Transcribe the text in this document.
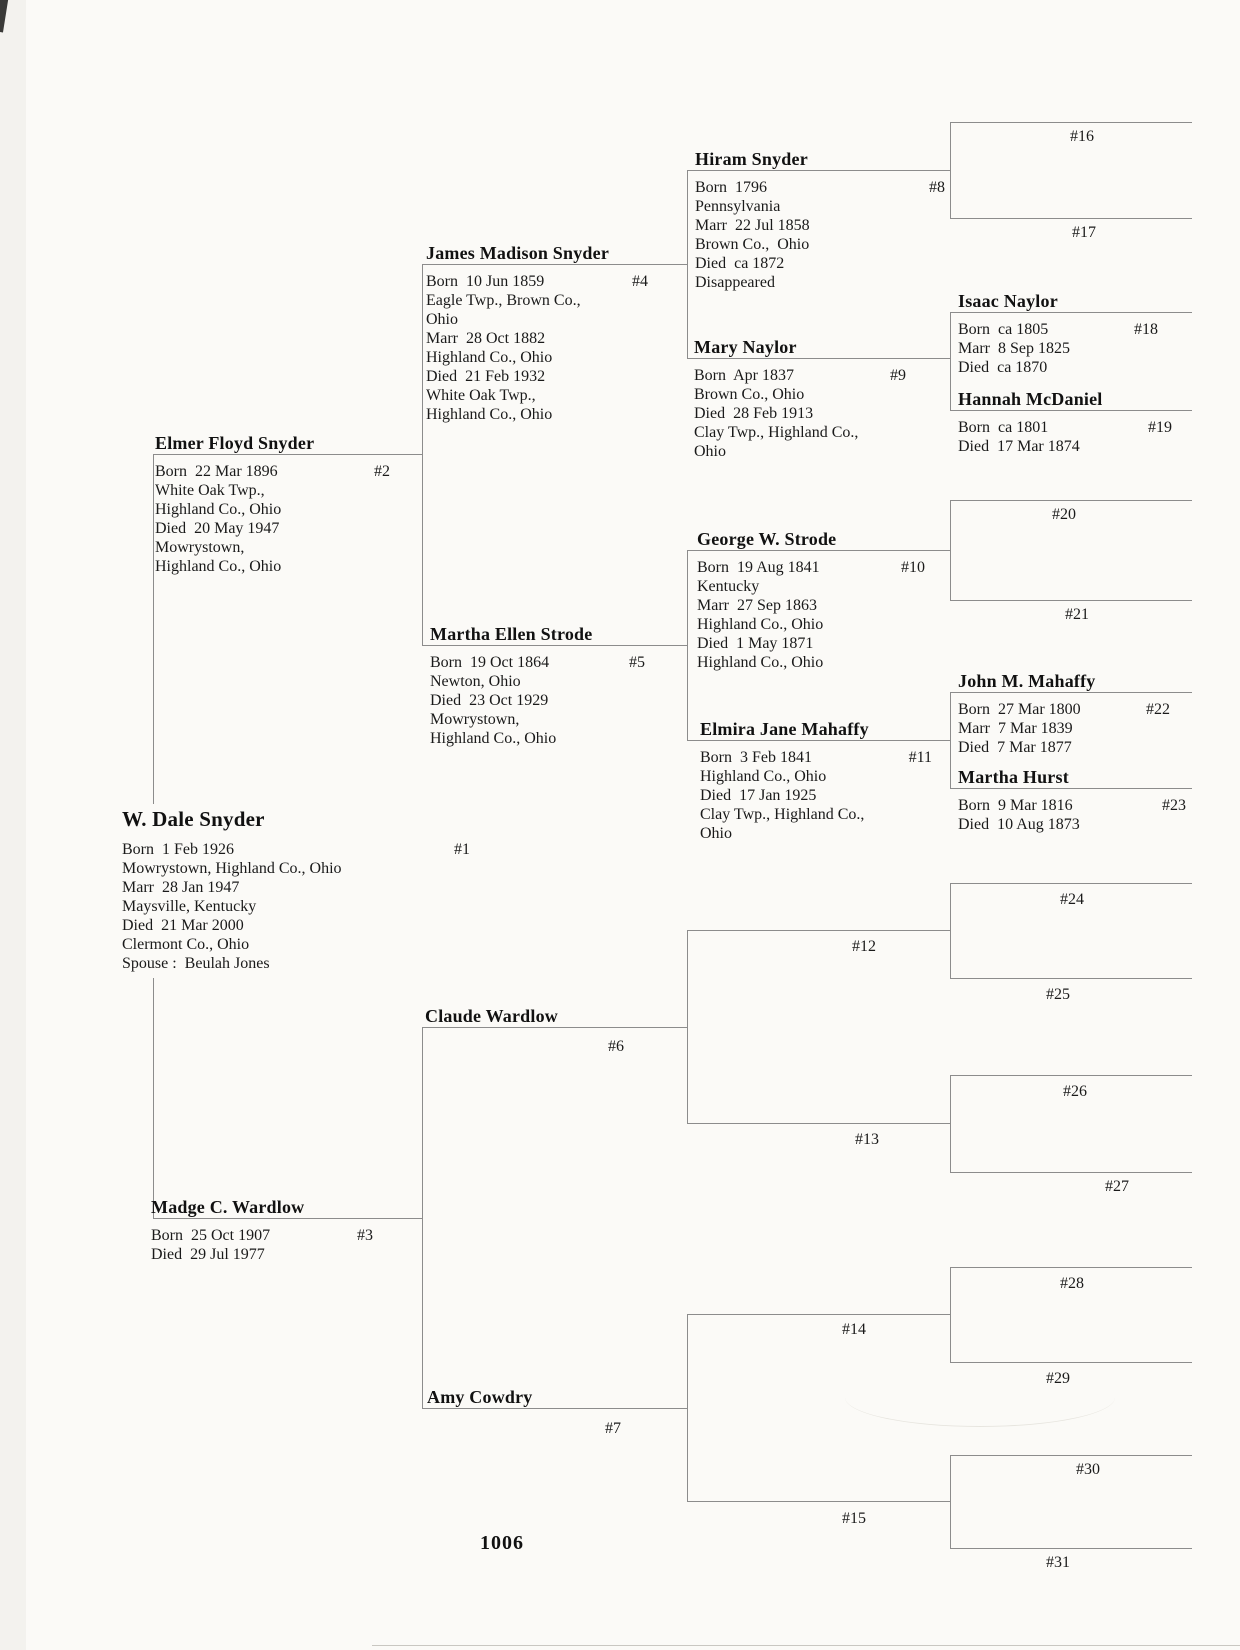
W. Dale Snyder
Born  1 Feb 1926	#1
Mowrystown, Highland Co., Ohio
Marr  28 Jan 1947
Maysville, Kentucky
Died  21 Mar 2000
Clermont Co., Ohio
Spouse :  Beulah Jones
Elmer Floyd Snyder
Born  22 Mar 1896	#2
White Oak Twp.,
Highland Co., Ohio
Died  20 May 1947
Mowrystown,
Highland Co., Ohio
Madge C. Wardlow
Born  25 Oct 1907	#3
Died  29 Jul 1977
James Madison Snyder
Born  10 Jun 1859	#4
Eagle Twp., Brown Co.,
Ohio
Marr  28 Oct 1882
Highland Co., Ohio
Died  21 Feb 1932
White Oak Twp.,
Highland Co., Ohio
Martha Ellen Strode
Born  19 Oct 1864	#5
Newton, Ohio
Died  23 Oct 1929
Mowrystown,
Highland Co., Ohio
Claude Wardlow
#6
Amy Cowdry
#7
Hiram Snyder
Born  1796	#8
Pennsylvania
Marr  22 Jul 1858
Brown Co.,  Ohio
Died  ca 1872
Disappeared
Mary Naylor
Born  Apr 1837	#9
Brown Co., Ohio
Died  28 Feb 1913
Clay Twp., Highland Co.,
Ohio
George W. Strode
Born  19 Aug 1841	#10
Kentucky
Marr  27 Sep 1863
Highland Co., Ohio
Died  1 May 1871
Highland Co., Ohio
Elmira Jane Mahaffy
Born  3 Feb 1841	#11
Highland Co., Ohio
Died  17 Jan 1925
Clay Twp., Highland Co.,
Ohio
Isaac Naylor
Born  ca 1805	#18
Marr  8 Sep 1825
Died  ca 1870
Hannah McDaniel
Born  ca 1801	#19
Died  17 Mar 1874
John M. Mahaffy
Born  27 Mar 1800	#22
Marr  7 Mar 1839
Died  7 Mar 1877
Martha Hurst
Born  9 Mar 1816	#23
Died  10 Aug 1873
#12
#13
#14
#15
#16
#17
#20
#21
#24
#25
#26
#27
#28
#29
#30
#31
1006
